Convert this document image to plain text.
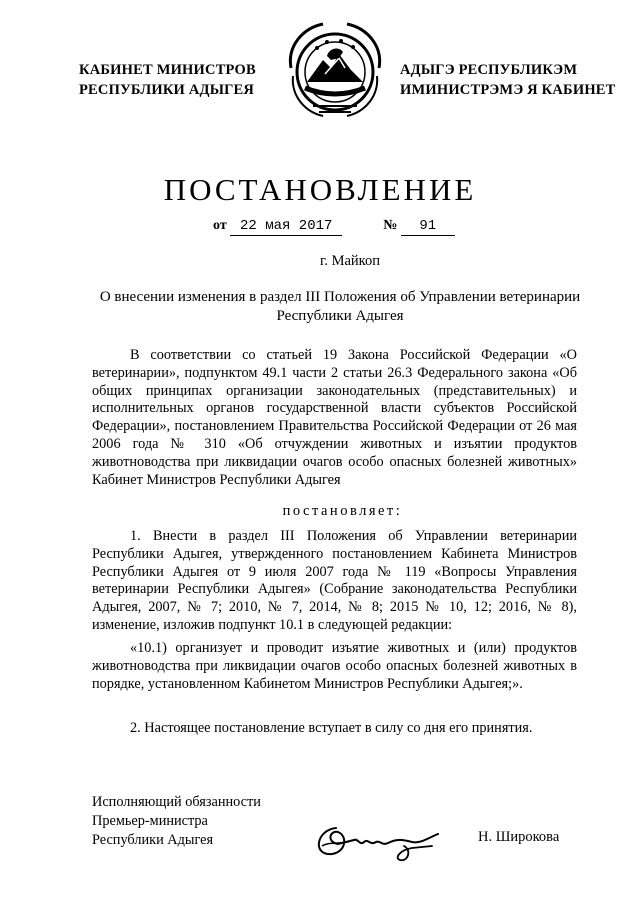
КАБИНЕТ МИНИСТРОВ
РЕСПУБЛИКИ АДЫГЕЯ
АДЫГЭ РЕСПУБЛИКЭМ
ИМИНИСТРЭМЭ Я КАБИНЕТ
ПОСТАНОВЛЕНИЕ
от 22 мая 2017	№ 91
г. Майкоп
О внесении изменения в раздел III Положения об Управлении ветеринарии Республики Адыгея
В соответствии со статьей 19 Закона Российской Федерации «О ветеринарии», подпунктом 49.1 части 2 статьи 26.3 Федерального закона «Об общих принципах организации законодательных (представительных) и исполнительных органов государственной власти субъектов Российской Федерации», постановлением Правительства Российской Федерации от 26 мая 2006 года № 310 «Об отчуждении животных и изъятии продуктов животноводства при ликвидации очагов особо опасных болезней животных» Кабинет Министров Республики Адыгея
постановляет:
1. Внести в раздел III Положения об Управлении ветеринарии Республики Адыгея, утвержденного постановлением Кабинета Министров Республики Адыгея от 9 июля 2007 года № 119 «Вопросы Управления ветеринарии Республики Адыгея» (Собрание законодательства Республики Адыгея, 2007, № 7; 2010, № 7, 2014, № 8; 2015 № 10, 12; 2016, № 8), изменение, изложив подпункт 10.1 в следующей редакции:
«10.1) организует и проводит изъятие животных и (или) продуктов животноводства при ликвидации очагов особо опасных болезней животных в порядке, установленном Кабинетом Министров Республики Адыгея;».
2. Настоящее постановление вступает в силу со дня его принятия.
Исполняющий обязанности
Премьер-министра
Республики Адыгея	Н. Широкова
